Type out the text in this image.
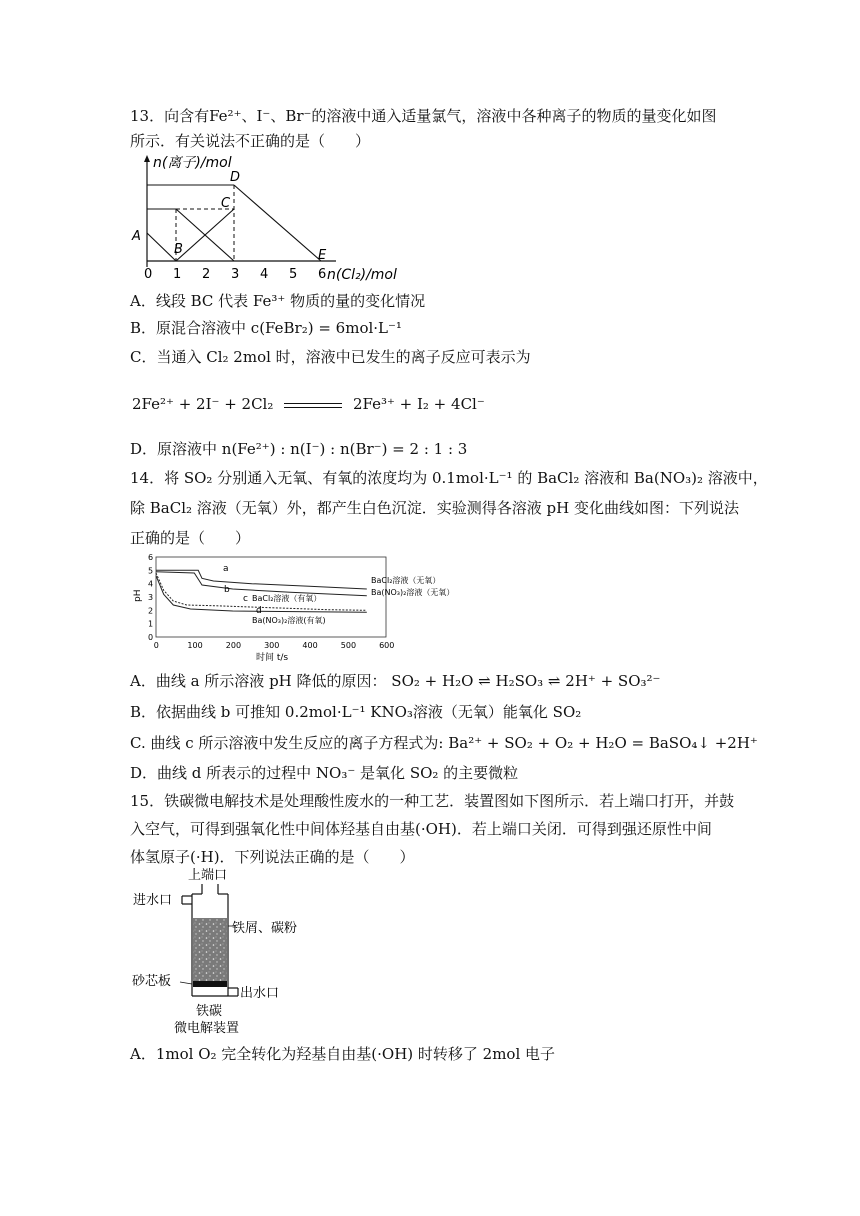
13．向含有Fe²⁺、I⁻、Br⁻的溶液中通入适量氯气，溶液中各种离子的物质的量变化如图
所示．有关说法不正确的是（　　）
n(离子)/mol
A
B
C
D
E
0 1 2 3 4 5 6 n(Cl₂)/mol
A．线段 BC 代表 Fe³⁺ 物质的量的变化情况
B．原混合溶液中 c(FeBr₂) = 6mol·L⁻¹
C．当通入 Cl₂ 2mol 时，溶液中已发生的离子反应可表示为
2Fe²⁺ + 2I⁻ + 2Cl₂	2Fe³⁺ + I₂ + 4Cl⁻
D．原溶液中 n(Fe²⁺) : n(I⁻) : n(Br⁻) = 2 : 1 : 3
14．将 SO₂ 分别通入无氧、有氧的浓度均为 0.1mol·L⁻¹ 的 BaCl₂ 溶液和 Ba(NO₃)₂ 溶液中，
除 BaCl₂ 溶液（无氧）外，都产生白色沉淀．实验测得各溶液 pH 变化曲线如图：下列说法
正确的是（　　）
0
1
2
3
4
5
6
0	100	200	300	400	500	600
pH
时间 t/s
a
b
c
d
BaCl₂溶液（无氧）
Ba(NO₃)₂溶液（无氧）
BaCl₂溶液（有氧）
Ba(NO₃)₂溶液(有氧)
A．曲线 a 所示溶液 pH 降低的原因： SO₂ + H₂O ⇌ H₂SO₃ ⇌ 2H⁺ + SO₃²⁻
B．依据曲线 b 可推知 0.2mol·L⁻¹ KNO₃溶液（无氧）能氧化 SO₂
C. 曲线 c 所示溶液中发生反应的离子方程式为: Ba²⁺ + SO₂ + O₂ + H₂O = BaSO₄↓ +2H⁺
D．曲线 d 所表示的过程中 NO₃⁻ 是氧化 SO₂ 的主要微粒
15．铁碳微电解技术是处理酸性废水的一种工艺．装置图如下图所示．若上端口打开，并鼓
入空气，可得到强氧化性中间体羟基自由基(·OH)．若上端口关闭．可得到强还原性中间
体氢原子(·H)．下列说法正确的是（　　）
上端口
进水口
铁屑、碳粉
砂芯板
出水口
铁碳
微电解装置
A．1mol O₂ 完全转化为羟基自由基(·OH) 时转移了 2mol 电子
